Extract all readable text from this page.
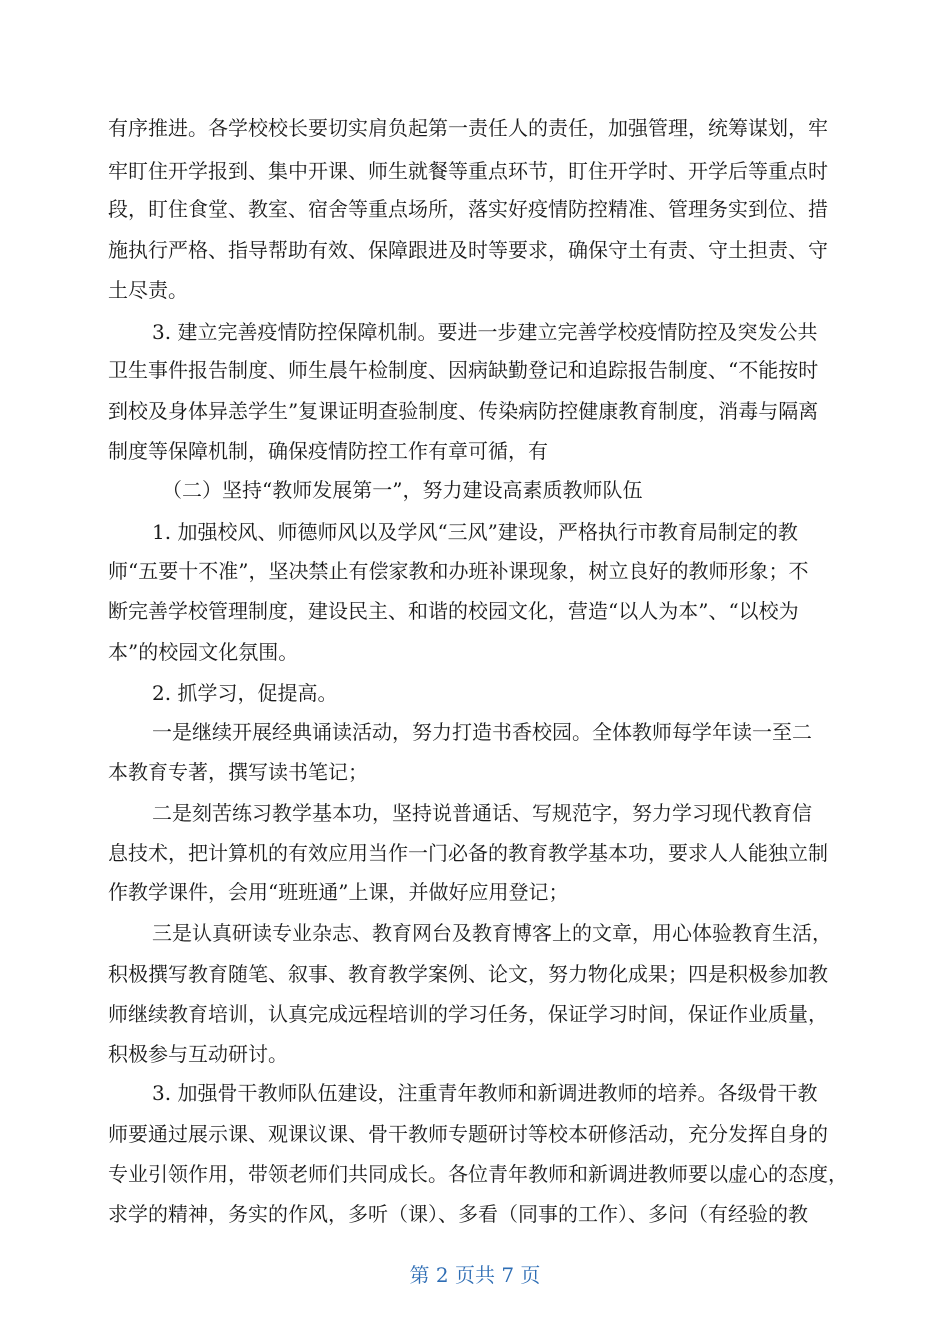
有序推进。各学校校长要切实肩负起第一责任人的责任，加强管理，统筹谋划，牢

牢盯住开学报到、集中开课、师生就餐等重点环节，盯住开学时、开学后等重点时

段，盯住食堂、教室、宿舍等重点场所，落实好疫情防控精准、管理务实到位、措

施执行严格、指导帮助有效、保障跟进及时等要求，确保守土有责、守土担责、守

土尽责。

3. 建立完善疫情防控保障机制。要进一步建立完善学校疫情防控及突发公共

卫生事件报告制度、师生晨午检制度、因病缺勤登记和追踪报告制度、“不能按时

到校及身体异恙学生”复课证明查验制度、传染病防控健康教育制度，消毒与隔离

制度等保障机制，确保疫情防控工作有章可循，有

（二）坚持“教师发展第一”，努力建设高素质教师队伍

1. 加强校风、师德师风以及学风“三风”建设，严格执行市教育局制定的教

师“五要十不准”，坚决禁止有偿家教和办班补课现象，树立良好的教师形象；不

断完善学校管理制度，建设民主、和谐的校园文化，营造“以人为本”、“以校为

本”的校园文化氛围。

2. 抓学习，促提高。

一是继续开展经典诵读活动，努力打造书香校园。全体教师每学年读一至二

本教育专著，撰写读书笔记；

二是刻苦练习教学基本功，坚持说普通话、写规范字，努力学习现代教育信

息技术，把计算机的有效应用当作一门必备的教育教学基本功，要求人人能独立制

作教学课件，会用“班班通”上课，并做好应用登记；

三是认真研读专业杂志、教育网台及教育博客上的文章，用心体验教育生活，

积极撰写教育随笔、叙事、教育教学案例、论文，努力物化成果；四是积极参加教

师继续教育培训，认真完成远程培训的学习任务，保证学习时间，保证作业质量，

积极参与互动研讨。

3. 加强骨干教师队伍建设，注重青年教师和新调进教师的培养。各级骨干教

师要通过展示课、观课议课、骨干教师专题研讨等校本研修活动，充分发挥自身的

专业引领作用，带领老师们共同成长。各位青年教师和新调进教师要以虚心的态度，

求学的精神，务实的作风，多听（课）、多看（同事的工作）、多问（有经验的教

第 2 页共 7 页
